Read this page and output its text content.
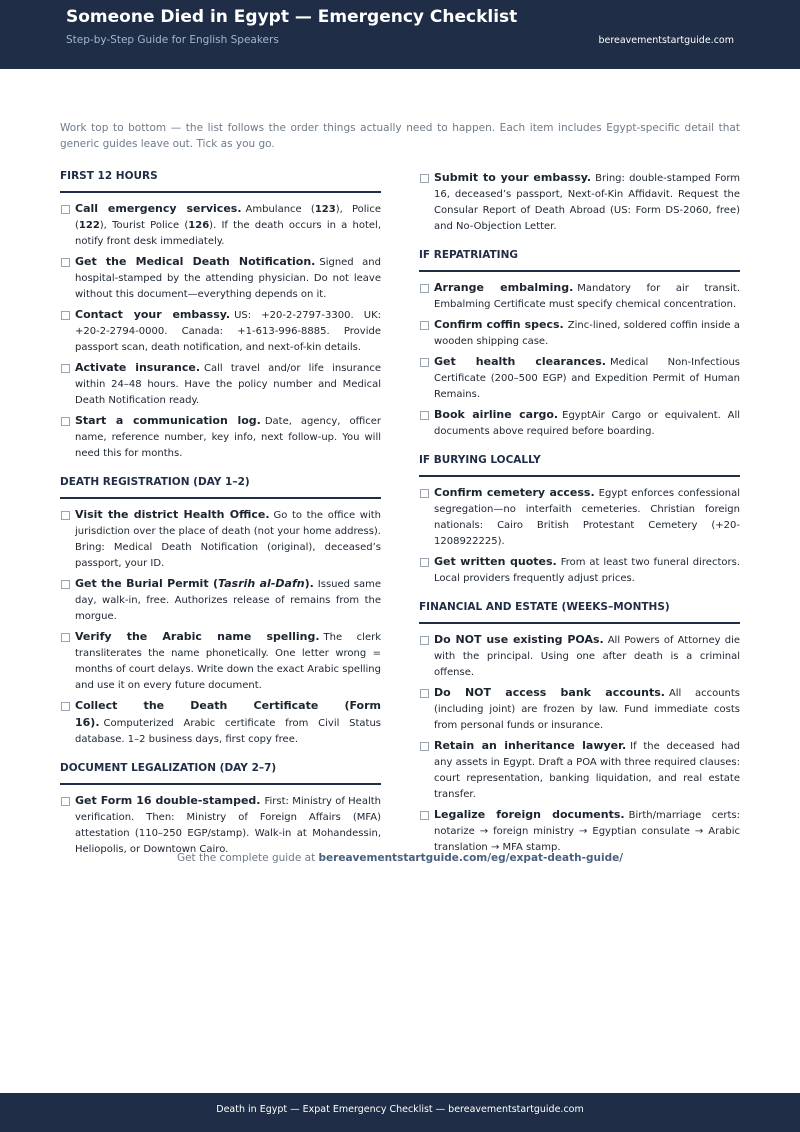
Someone Died in Egypt — Emergency Checklist
Step-by-Step Guide for English Speakers	bereavementstartguide.com
Work top to bottom — the list follows the order things actually need to happen. Each item includes Egypt-specific detail that generic guides leave out. Tick as you go.
FIRST 12 HOURS
Call emergency services. Ambulance (123), Police (122), Tourist Police (126). If the death occurs in a hotel, notify front desk immediately.
Get the Medical Death Notification. Signed and hospital-stamped by the attending physician. Do not leave without this document—everything depends on it.
Contact your embassy. US: +20-2-2797-3300. UK: +20-2-2794-0000. Canada: +1-613-996-8885. Provide passport scan, death notification, and next-of-kin details.
Activate insurance. Call travel and/or life insurance within 24–48 hours. Have the policy number and Medical Death Notification ready.
Start a communication log. Date, agency, officer name, reference number, key info, next follow-up. You will need this for months.
DEATH REGISTRATION (DAY 1–2)
Visit the district Health Office. Go to the office with jurisdiction over the place of death (not your home address). Bring: Medical Death Notification (original), deceased’s passport, your ID.
Get the Burial Permit (Tasrih al-Dafn). Issued same day, walk-in, free. Authorizes release of remains from the morgue.
Verify the Arabic name spelling. The clerk transliterates the name phonetically. One letter wrong = months of court delays. Write down the exact Arabic spelling and use it on every future document.
Collect the Death Certificate (Form 16). Computerized Arabic certificate from Civil Status database. 1–2 business days, first copy free.
DOCUMENT LEGALIZATION (DAY 2–7)
Get Form 16 double-stamped. First: Ministry of Health verification. Then: Ministry of Foreign Affairs (MFA) attestation (110–250 EGP/stamp). Walk-in at Mohandessin, Heliopolis, or Downtown Cairo.
Submit to your embassy. Bring: double-stamped Form 16, deceased’s passport, Next-of-Kin Affidavit. Request the Consular Report of Death Abroad (US: Form DS-2060, free) and No-Objection Letter.
IF REPATRIATING
Arrange embalming. Mandatory for air transit. Embalming Certificate must specify chemical concentration.
Confirm coffin specs. Zinc-lined, soldered coffin inside a wooden shipping case.
Get health clearances. Medical Non-Infectious Certificate (200–500 EGP) and Expedition Permit of Human Remains.
Book airline cargo. EgyptAir Cargo or equivalent. All documents above required before boarding.
IF BURYING LOCALLY
Confirm cemetery access. Egypt enforces confessional segregation—no interfaith cemeteries. Christian foreign nationals: Cairo British Protestant Cemetery (+20-1208922225).
Get written quotes. From at least two funeral directors. Local providers frequently adjust prices.
FINANCIAL AND ESTATE (WEEKS–MONTHS)
Do NOT use existing POAs. All Powers of Attorney die with the principal. Using one after death is a criminal offense.
Do NOT access bank accounts. All accounts (including joint) are frozen by law. Fund immediate costs from personal funds or insurance.
Retain an inheritance lawyer. If the deceased had any assets in Egypt. Draft a POA with three required clauses: court representation, banking liquidation, and real estate transfer.
Legalize foreign documents. Birth/marriage certs: notarize → foreign ministry → Egyptian consulate → Arabic translation → MFA stamp.
Get the complete guide at bereavementstartguide.com/eg/expat-death-guide/
Death in Egypt — Expat Emergency Checklist — bereavementstartguide.com
